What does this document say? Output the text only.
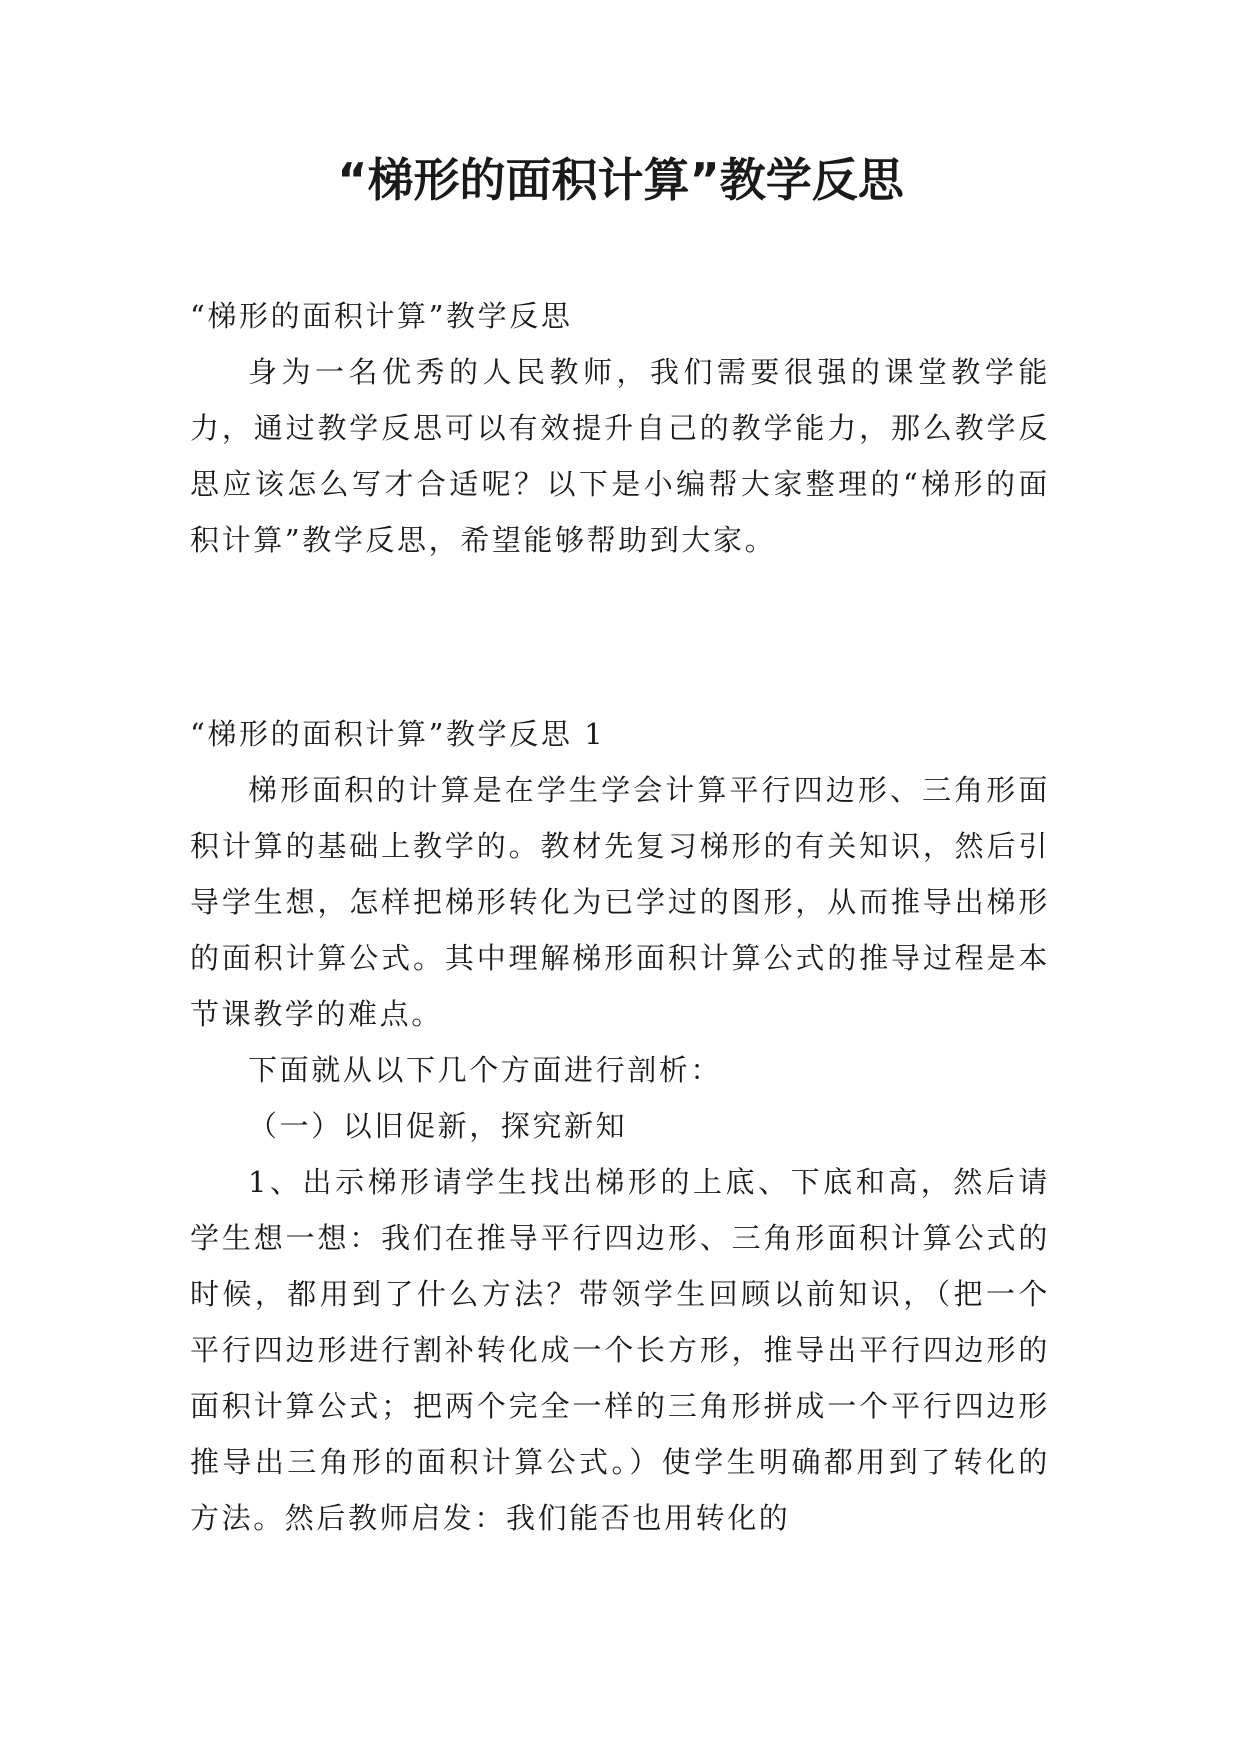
“梯形的面积计算”教学反思

“梯形的面积计算”教学反思

身为一名优秀的人民教师，我们需要很强的课堂教学能力，通过教学反思可以有效提升自己的教学能力，那么教学反思应该怎么写才合适呢？以下是小编帮大家整理的“梯形的面积计算”教学反思，希望能够帮助到大家。

“梯形的面积计算”教学反思 1

梯形面积的计算是在学生学会计算平行四边形、三角形面积计算的基础上教学的。教材先复习梯形的有关知识，然后引导学生想，怎样把梯形转化为已学过的图形，从而推导出梯形的面积计算公式。其中理解梯形面积计算公式的推导过程是本节课教学的难点。

下面就从以下几个方面进行剖析：

（一）以旧促新，探究新知

1、出示梯形请学生找出梯形的上底、下底和高，然后请学生想一想：我们在推导平行四边形、三角形面积计算公式的时候，都用到了什么方法？带领学生回顾以前知识，（把一个平行四边形进行割补转化成一个长方形，推导出平行四边形的面积计算公式；把两个完全一样的三角形拼成一个平行四边形推导出三角形的面积计算公式。）使学生明确都用到了转化的方法。然后教师启发：我们能否也用转化的
